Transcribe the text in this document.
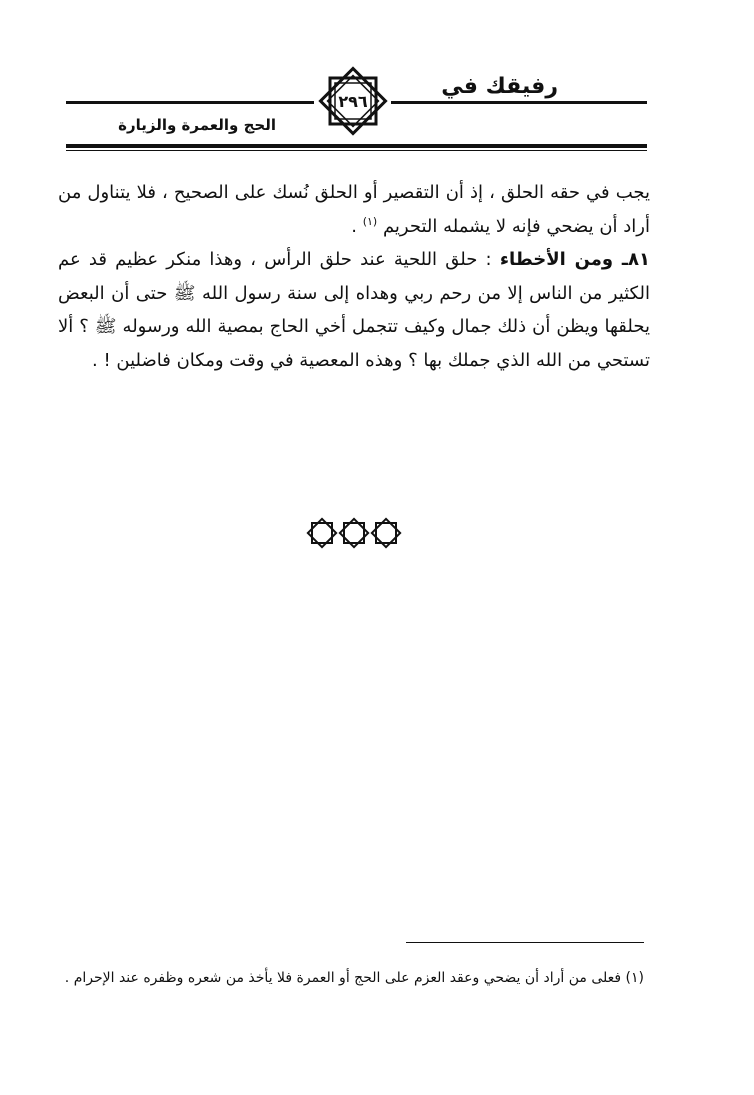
رفيقك في
٢٩٦
الحج والعمرة والزيارة

يجب في حقه الحلق ، إذ أن التقصير أو الحلق نُسك على الصحيح ، فلا يتناول من أراد أن يضحي فإنه لا يشمله التحريم $^{(١)}$ .

٨١ـ ومن الأخطاء : حلق اللحية عند حلق الرأس ، وهذا منكر عظيم قد عم الكثير من الناس إلا من رحم ربي وهداه إلى سنة رسول الله ﷺ حتى أن البعض يحلقها ويظن أن ذلك جمال وكيف تتجمل أخي الحاج بمصية الله ورسوله ﷺ ؟ ألا تستحي من الله الذي جملك بها ؟ وهذه المعصية في وقت ومكان فاضلين ! .

(١) فعلى من أراد أن يضحي وعقد العزم على الحج أو العمرة فلا يأخذ من شعره وظفره عند الإحرام .
